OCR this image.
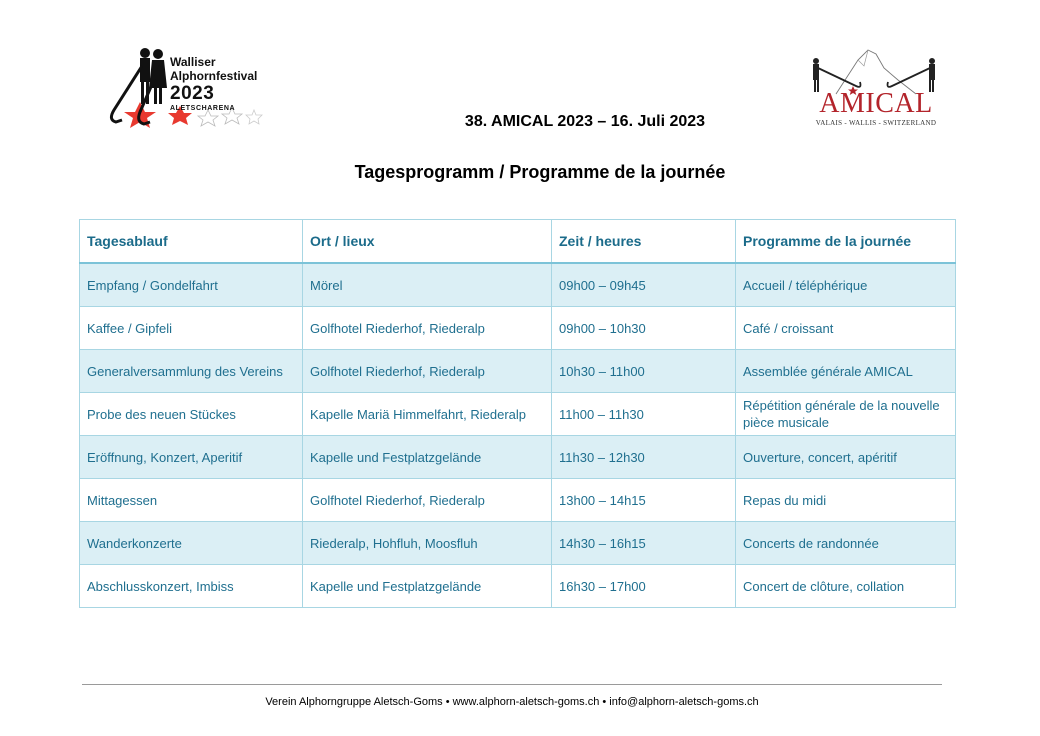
Walliser
Alphornfestival
2023
ALETSCHARENA	AMICAL
VALAIS - WALLIS - SWITZERLAND
38. AMICAL 2023 – 16. Juli 2023
Tagesprogramm / Programme de la journée
Tagesablauf	Ort / lieux	Zeit / heures	Programme de la journée
Empfang / Gondelfahrt	Mörel	09h00 – 09h45	Accueil / téléphérique
Kaffee / Gipfeli	Golfhotel Riederhof, Riederalp	09h00 – 10h30	Café / croissant
Generalversammlung des Vereins	Golfhotel Riederhof, Riederalp	10h30 – 11h00	Assemblée générale AMICAL
Probe des neuen Stückes	Kapelle Mariä Himmelfahrt, Riederalp	11h00 – 11h30	Répétition générale de la nouvelle pièce musicale
Eröffnung, Konzert, Aperitif	Kapelle und Festplatzgelände	11h30 – 12h30	Ouverture, concert, apéritif
Mittagessen	Golfhotel Riederhof, Riederalp	13h00 – 14h15	Repas du midi
Wanderkonzerte	Riederalp, Hohfluh, Moosfluh	14h30 – 16h15	Concerts de randonnée
Abschlusskonzert, Imbiss	Kapelle und Festplatzgelände	16h30 – 17h00	Concert de clôture, collation
Verein Alphorngruppe Aletsch-Goms • www.alphorn-aletsch-goms.ch • info@alphorn-aletsch-goms.ch
